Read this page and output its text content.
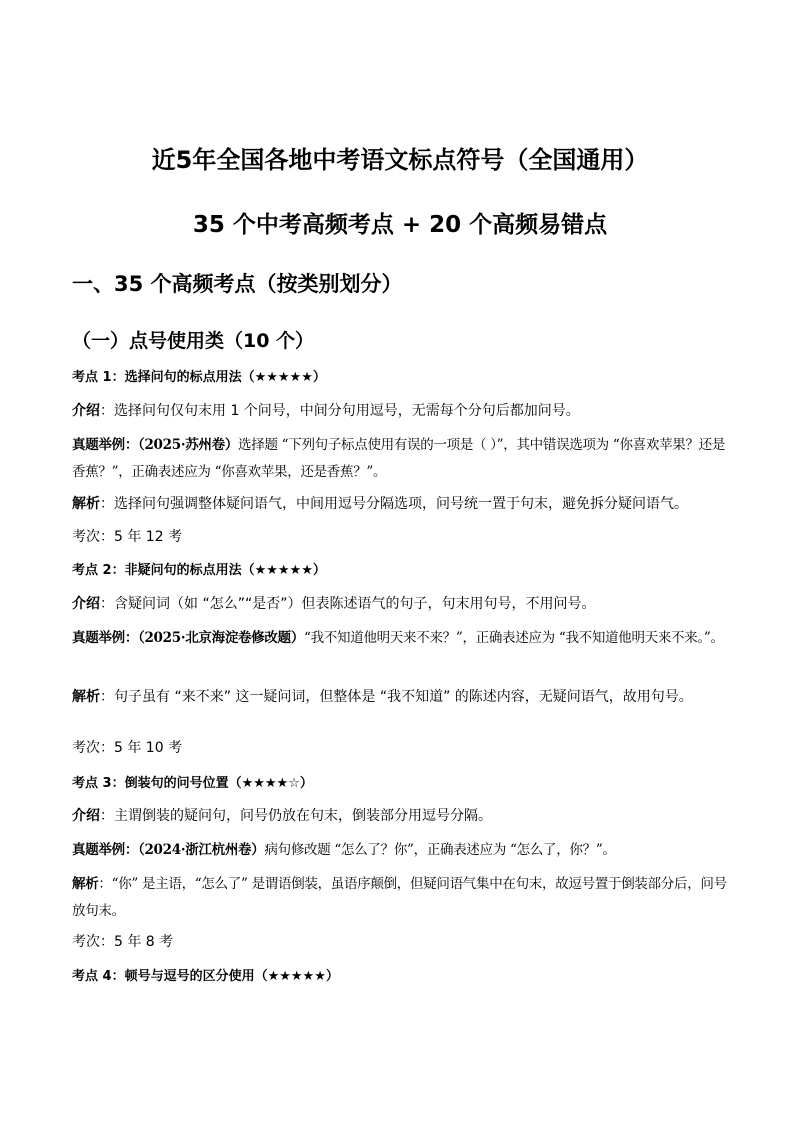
近5年全国各地中考语文标点符号（全国通用）
35 个中考高频考点 + 20 个高频易错点
一、35 个高频考点（按类别划分）
（一）点号使用类（10 个）
考点 1：选择问句的标点用法（★★★★★）
介绍：选择问句仅句末用 1 个问号，中间分句用逗号，无需每个分句后都加问号。
真题举例：（2025·苏州卷）选择题 “下列句子标点使用有误的一项是（ ）”，其中错误选项为 “你喜欢苹果？还是香蕉？”，正确表述应为 “你喜欢苹果，还是香蕉？”。
解析：选择问句强调整体疑问语气，中间用逗号分隔选项，问号统一置于句末，避免拆分疑问语气。
考次：5 年 12 考
考点 2：非疑问句的标点用法（★★★★★）
介绍：含疑问词（如 “怎么”“是否”）但表陈述语气的句子，句末用句号，不用问号。
真题举例：（2025·北京海淀卷修改题）“我不知道他明天来不来？”，正确表述应为 “我不知道他明天来不来。”。
解析：句子虽有 “来不来” 这一疑问词，但整体是 “我不知道” 的陈述内容，无疑问语气，故用句号。
考次：5 年 10 考
考点 3：倒装句的问号位置（★★★★☆）
介绍：主谓倒装的疑问句，问号仍放在句末，倒装部分用逗号分隔。
真题举例：（2024·浙江杭州卷）病句修改题 “怎么了？你”，正确表述应为 “怎么了，你？”。
解析：“你” 是主语，“怎么了” 是谓语倒装，虽语序颠倒，但疑问语气集中在句末，故逗号置于倒装部分后，问号放句末。
考次：5 年 8 考
考点 4：顿号与逗号的区分使用（★★★★★）
